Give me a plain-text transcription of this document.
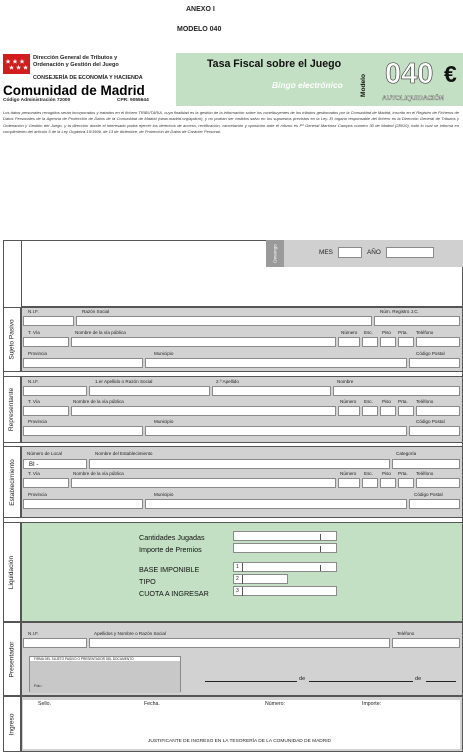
ANEXO I
MODELO 040
Dirección General de Tributos y
Ordenación y Gestión del Juego
CONSEJERÍA DE ECONOMÍA Y HACIENDA
Comunidad de Madrid
Código Administración 72000	CPR: 9055644
Tasa Fiscal sobre el Juego
Bingo electrónico	Modelo 040 €
AUTOLIQUIDACIÓN
Los datos personales recogidos serán incorporados y tratados en el fichero TRIBUTARIA, cuya finalidad es la gestión de la información sobre los contribuyentes de los tributos gestionados por la Comunidad de Madrid, inscrito en el Registro de Ficheros de Datos Personales de la Agencia de Protección de Datos de la Comunidad de Madrid (www.madrid.org/apdcm), y no podrán ser cedidos salvo en los supuestos previstos en la Ley. El órgano responsable del fichero es la Dirección General de Tributos y Ordenación y Gestión del Juego, y la dirección donde el interesado podrá ejercer los derechos de acceso, rectificación, cancelación y oposición ante el mismo es Pº General Martínez Campos número 30 de Madrid (28010), todo lo cual se informa en cumplimiento del artículo 5 de la Ley Orgánica 15/1999, de 13 de diciembre, de Protección de Datos de Carácter Personal.
Devengo	MES	AÑO
Sujeto Pasivo
N.I.F.	Razón Social	Núm. Registro J.C.
T. Vía	Nombre de la vía pública	Número Esc. Piso Prta. Teléfono
Provincia	Municipio	Código Postal
Representante
N.I.F.	1.er Apellido o Razón Social	2.º Apellido	Nombre
T. Vía	Nombre de la vía pública	Número Esc. Piso Prta. Teléfono
Provincia	Municipio	Código Postal
Establecimiento
Número de Local	Nombre del Establecimiento	Categoría
BI -
T. Vía	Nombre de la vía pública	Número Esc. Piso Prta. Teléfono
Provincia	Municipio	Código Postal
Liquidación
Cantidades Jugadas
Importe de Premios
BASE IMPONIBLE	1
TIPO	2
CUOTA A INGRESAR	3
Presentador
N.I.F.	Apellidos y Nombre o Razón Social	Teléfono
FIRMA DEL SUJETO PASIVO O PRESENTADOR DEL DOCUMENTO
Fdo.:
de	de
Ingreso
Sello.	Fecha.	Número:	Importe:
JUSTIFICANTE DE INGRESO EN LA TESORERÍA DE LA COMUNIDAD DE MADRID
